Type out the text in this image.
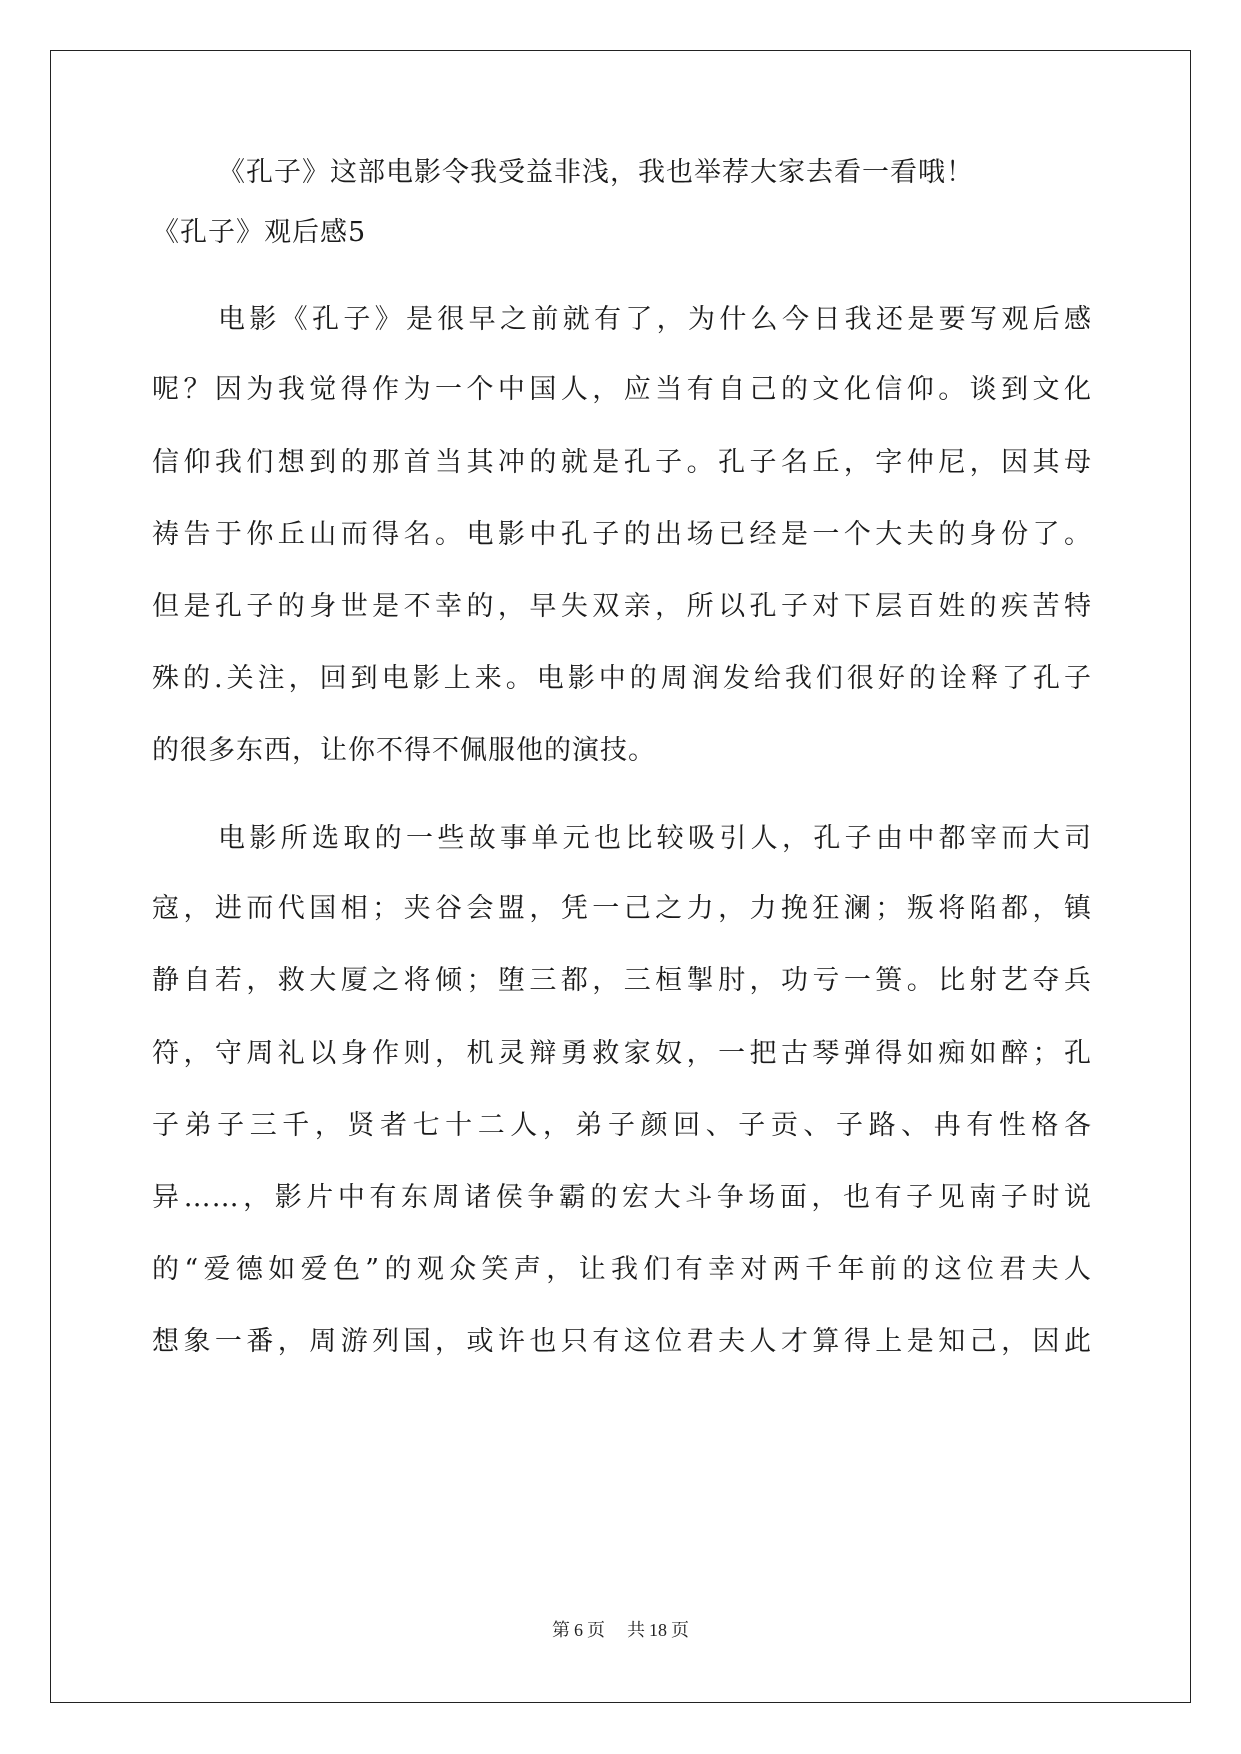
《孔子》这部电影令我受益非浅，我也举荐大家去看一看哦！
《孔子》观后感5
电影《孔子》是很早之前就有了，为什么今日我还是要写观后感
呢？因为我觉得作为一个中国人，应当有自己的文化信仰。谈到文化
信仰我们想到的那首当其冲的就是孔子。孔子名丘，字仲尼，因其母
祷告于你丘山而得名。电影中孔子的出场已经是一个大夫的身份了。
但是孔子的身世是不幸的，早失双亲，所以孔子对下层百姓的疾苦特
殊的.关注，回到电影上来。电影中的周润发给我们很好的诠释了孔子
的很多东西，让你不得不佩服他的演技。
电影所选取的一些故事单元也比较吸引人，孔子由中都宰而大司
寇，进而代国相；夹谷会盟，凭一己之力，力挽狂澜；叛将陷都，镇
静自若，救大厦之将倾；堕三都，三桓掣肘，功亏一篑。比射艺夺兵
符，守周礼以身作则，机灵辩勇救家奴，一把古琴弹得如痴如醉；孔
子弟子三千，贤者七十二人，弟子颜回、子贡、子路、冉有性格各
异……，影片中有东周诸侯争霸的宏大斗争场面，也有子见南子时说
的“爱德如爱色”的观众笑声，让我们有幸对两千年前的这位君夫人
想象一番，周游列国，或许也只有这位君夫人才算得上是知己，因此
第 6 页 共 18 页
